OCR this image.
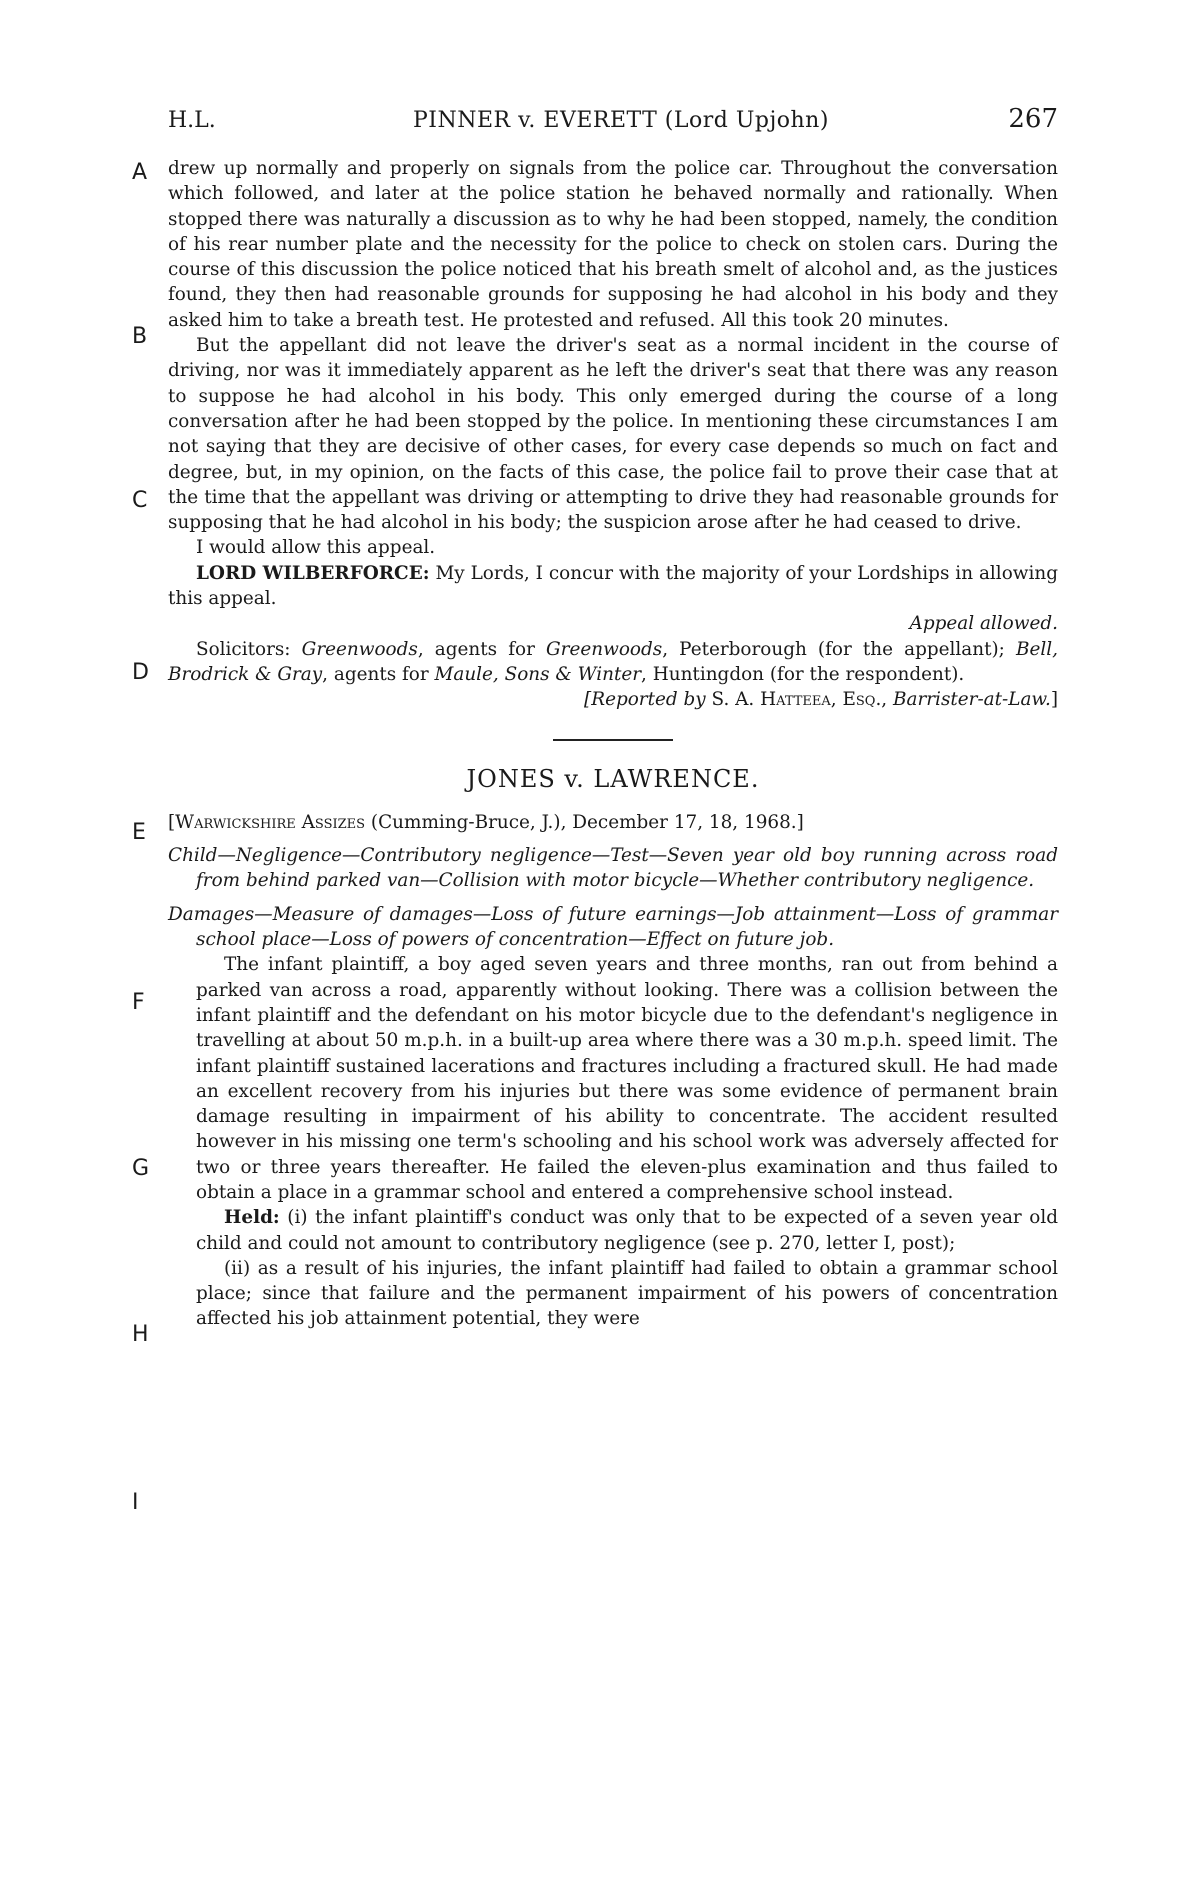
H.L.	PINNER v. EVERETT (Lord Upjohn)	267
A
B
C
D
E
F
G
H
I

drew up normally and properly on signals from the police car. Throughout the conversation which followed, and later at the police station he behaved normally and rationally. When stopped there was naturally a discussion as to why he had been stopped, namely, the condition of his rear number plate and the necessity for the police to check on stolen cars. During the course of this discussion the police noticed that his breath smelt of alcohol and, as the justices found, they then had reasonable grounds for supposing he had alcohol in his body and they asked him to take a breath test. He protested and refused. All this took 20 minutes.

But the appellant did not leave the driver's seat as a normal incident in the course of driving, nor was it immediately apparent as he left the driver's seat that there was any reason to suppose he had alcohol in his body. This only emerged during the course of a long conversation after he had been stopped by the police. In mentioning these circumstances I am not saying that they are decisive of other cases, for every case depends so much on fact and degree, but, in my opinion, on the facts of this case, the police fail to prove their case that at the time that the appellant was driving or attempting to drive they had reasonable grounds for supposing that he had alcohol in his body; the suspicion arose after he had ceased to drive.

I would allow this appeal.

LORD WILBERFORCE: My Lords, I concur with the majority of your Lordships in allowing this appeal.

Appeal allowed.

Solicitors: Greenwoods, agents for Greenwoods, Peterborough (for the appellant); Bell, Brodrick & Gray, agents for Maule, Sons & Winter, Huntingdon (for the respondent).

[Reported by S. A. Hatteea, Esq., Barrister-at-Law.]

JONES v. LAWRENCE.

[Warwickshire Assizes (Cumming-Bruce, J.), December 17, 18, 1968.]

Child—Negligence—Contributory negligence—Test—Seven year old boy running across road from behind parked van—Collision with motor bicycle—Whether contributory negligence.

Damages—Measure of damages—Loss of future earnings—Job attainment—Loss of grammar school place—Loss of powers of concentration—Effect on future job.

The infant plaintiff, a boy aged seven years and three months, ran out from behind a parked van across a road, apparently without looking. There was a collision between the infant plaintiff and the defendant on his motor bicycle due to the defendant's negligence in travelling at about 50 m.p.h. in a built-up area where there was a 30 m.p.h. speed limit. The infant plaintiff sustained lacerations and fractures including a fractured skull. He had made an excellent recovery from his injuries but there was some evidence of permanent brain damage resulting in impairment of his ability to concentrate. The accident resulted however in his missing one term's schooling and his school work was adversely affected for two or three years thereafter. He failed the eleven-plus examination and thus failed to obtain a place in a grammar school and entered a comprehensive school instead.

Held: (i) the infant plaintiff's conduct was only that to be expected of a seven year old child and could not amount to contributory negligence (see p. 270, letter I, post);

(ii) as a result of his injuries, the infant plaintiff had failed to obtain a grammar school place; since that failure and the permanent impairment of his powers of concentration affected his job attainment potential, they were
